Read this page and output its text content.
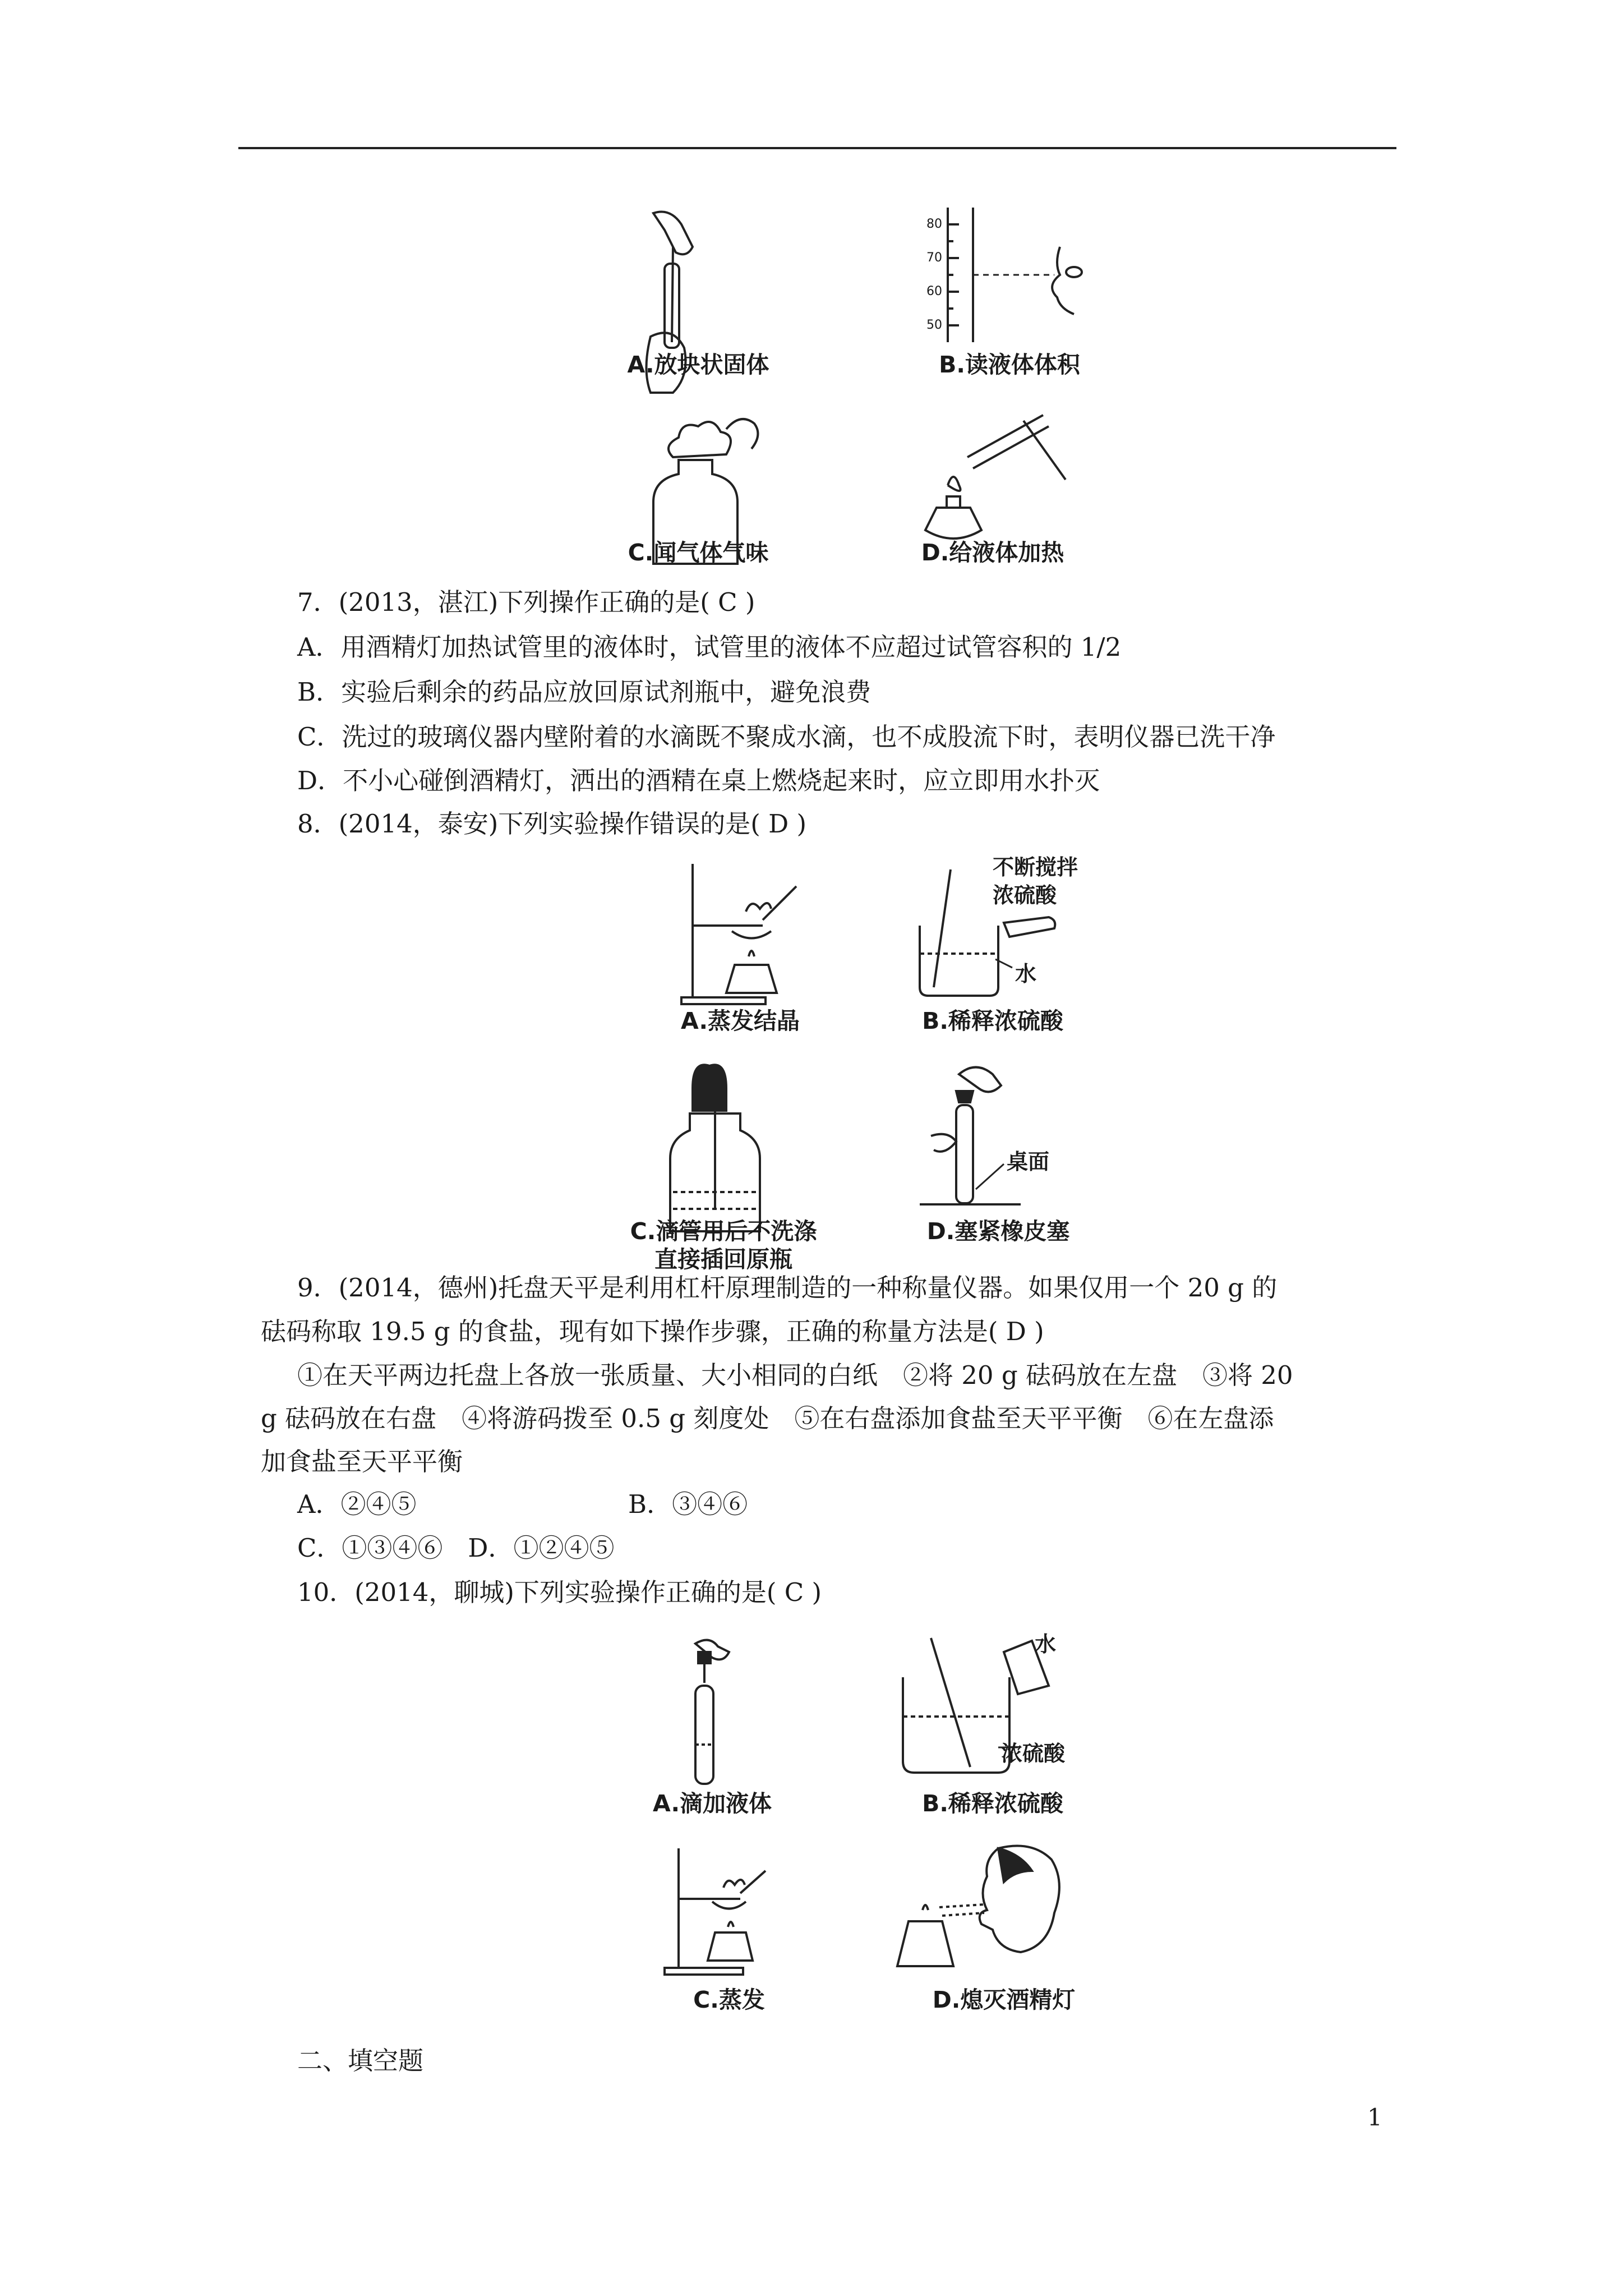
A.放块状固体
80
70
60
50
B.读液体体积
C.闻气体气味	D.给液体加热
7．(2013，湛江)下列操作正确的是( C )
A．用酒精灯加热试管里的液体时，试管里的液体不应超过试管容积的 1/2
B．实验后剩余的药品应放回原试剂瓶中，避免浪费
C．洗过的玻璃仪器内壁附着的水滴既不聚成水滴，也不成股流下时，表明仪器已洗干净
D．不小心碰倒酒精灯，洒出的酒精在桌上燃烧起来时，应立即用水扑灭
8．(2014，泰安)下列实验操作错误的是( D )
A.蒸发结晶
不断搅拌
浓硫酸
水
B.稀释浓硫酸
C.滴管用后不洗涤
直接插回原瓶
桌面
D.塞紧橡皮塞
9．(2014，德州)托盘天平是利用杠杆原理制造的一种称量仪器。如果仅用一个 20 g 的
砝码称取 19.5 g 的食盐，现有如下操作步骤，正确的称量方法是( D )
①在天平两边托盘上各放一张质量、大小相同的白纸　②将 20 g 砝码放在左盘　③将 20
g 砝码放在右盘　④将游码拨至 0.5 g 刻度处　⑤在右盘添加食盐至天平平衡　⑥在左盘添
加食盐至天平平衡
A．②④⑤	B．③④⑥
C．①③④⑥　D．①②④⑤
10．(2014，聊城)下列实验操作正确的是( C )
A.滴加液体
水
浓硫酸
B.稀释浓硫酸
C.蒸发	D.熄灭酒精灯
二、填空题
1
